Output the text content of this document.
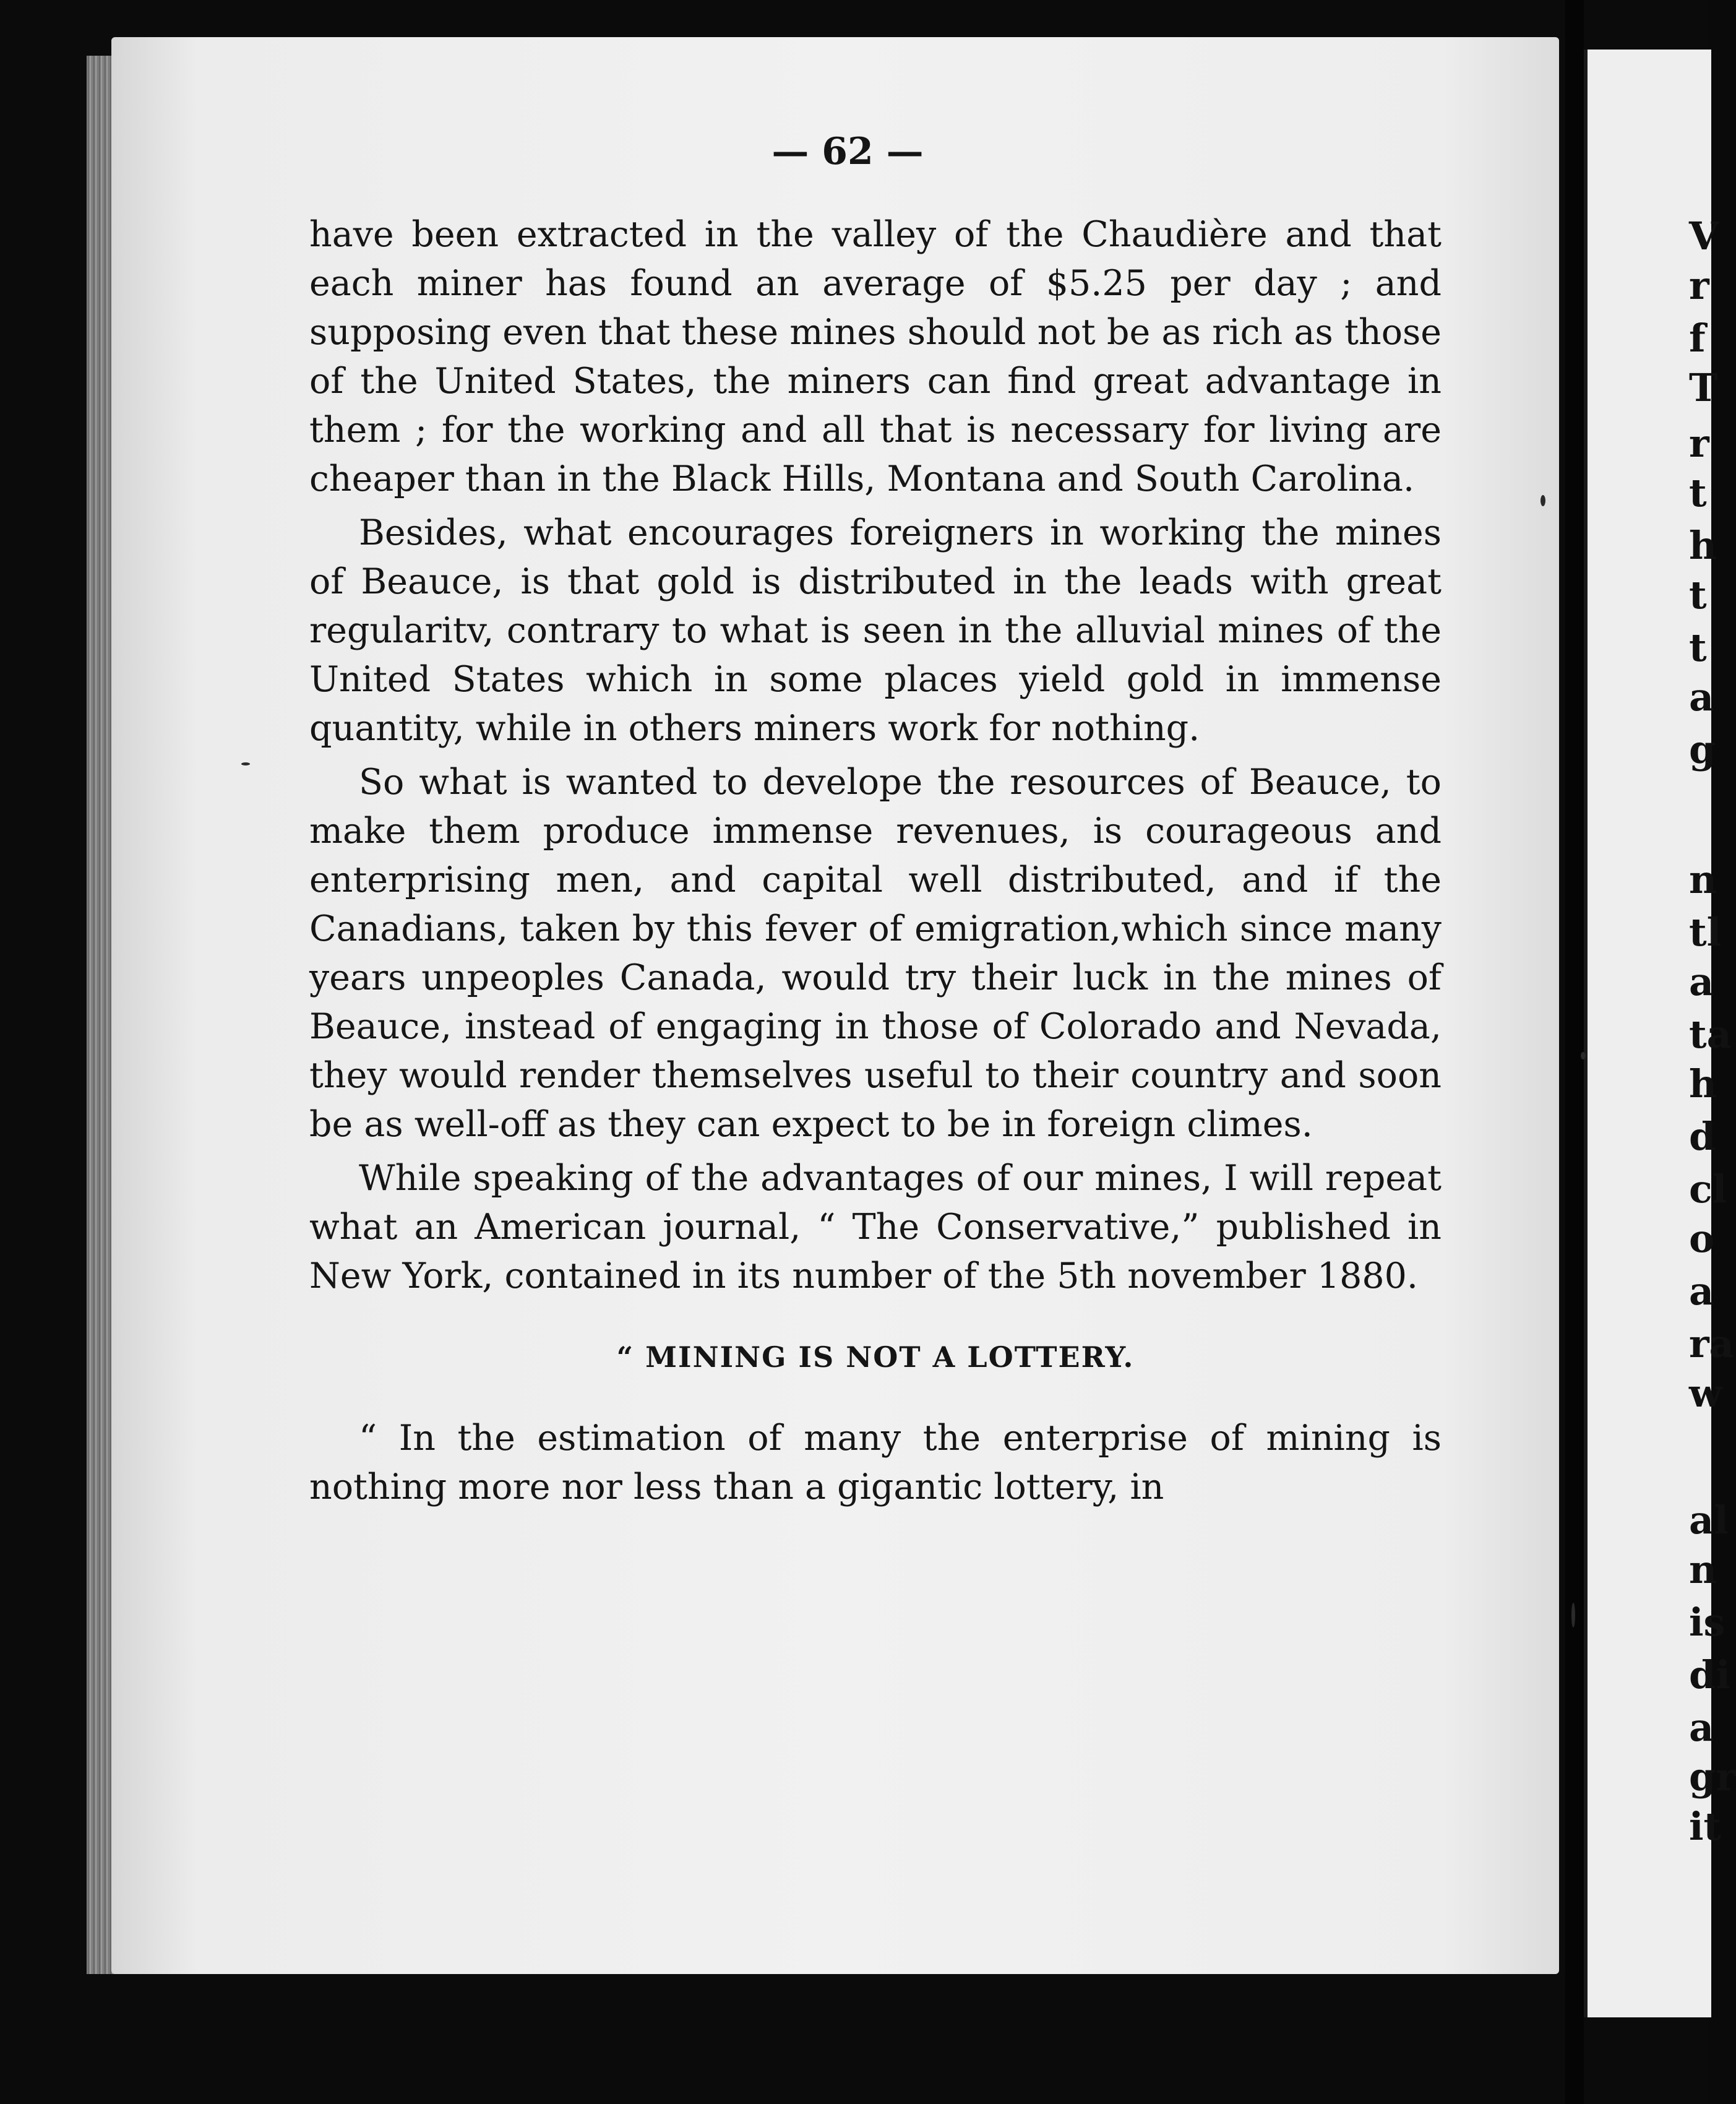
V
r
f
T
r
t
h
t
t
a
g
n
tl
a
ta
h
d
cl
o
a
ra
w
al
n
is
di
a
gr
it
— 62 —

have been extracted in the valley of the Chaudière and that each miner has found an average of $5.25 per day ; and supposing even that these mines should not be as rich as those of the United States, the miners can find great advantage in them ; for the working and all that is necessary for living are cheaper than in the Black Hills, Montana and South Carolina.

Besides, what encourages foreigners in working the mines of Beauce, is that gold is distributed in the leads with great regularitv, contrary to what is seen in the alluvial mines of the United States which in some places yield gold in immense quantity, while in others miners work for nothing.

So what is wanted to develope the resources of Beauce, to make them produce immense revenues, is courageous and enterprising men, and capital well distributed, and if the Canadians, taken by this fever of emigration,which since many years unpeoples Canada, would try their luck in the mines of Beauce, instead of engaging in those of Colorado and Nevada, they would render themselves useful to their country and soon be as well-off as they can expect to be in foreign climes.

While speaking of the advantages of our mines, I will repeat what an American journal, “ The Conservative,” published in New York, contained in its number of the 5th november 1880.

“ MINING IS NOT A LOTTERY.

“ In the estimation of many the enterprise of mining is nothing more nor less than a gigantic lottery, in
